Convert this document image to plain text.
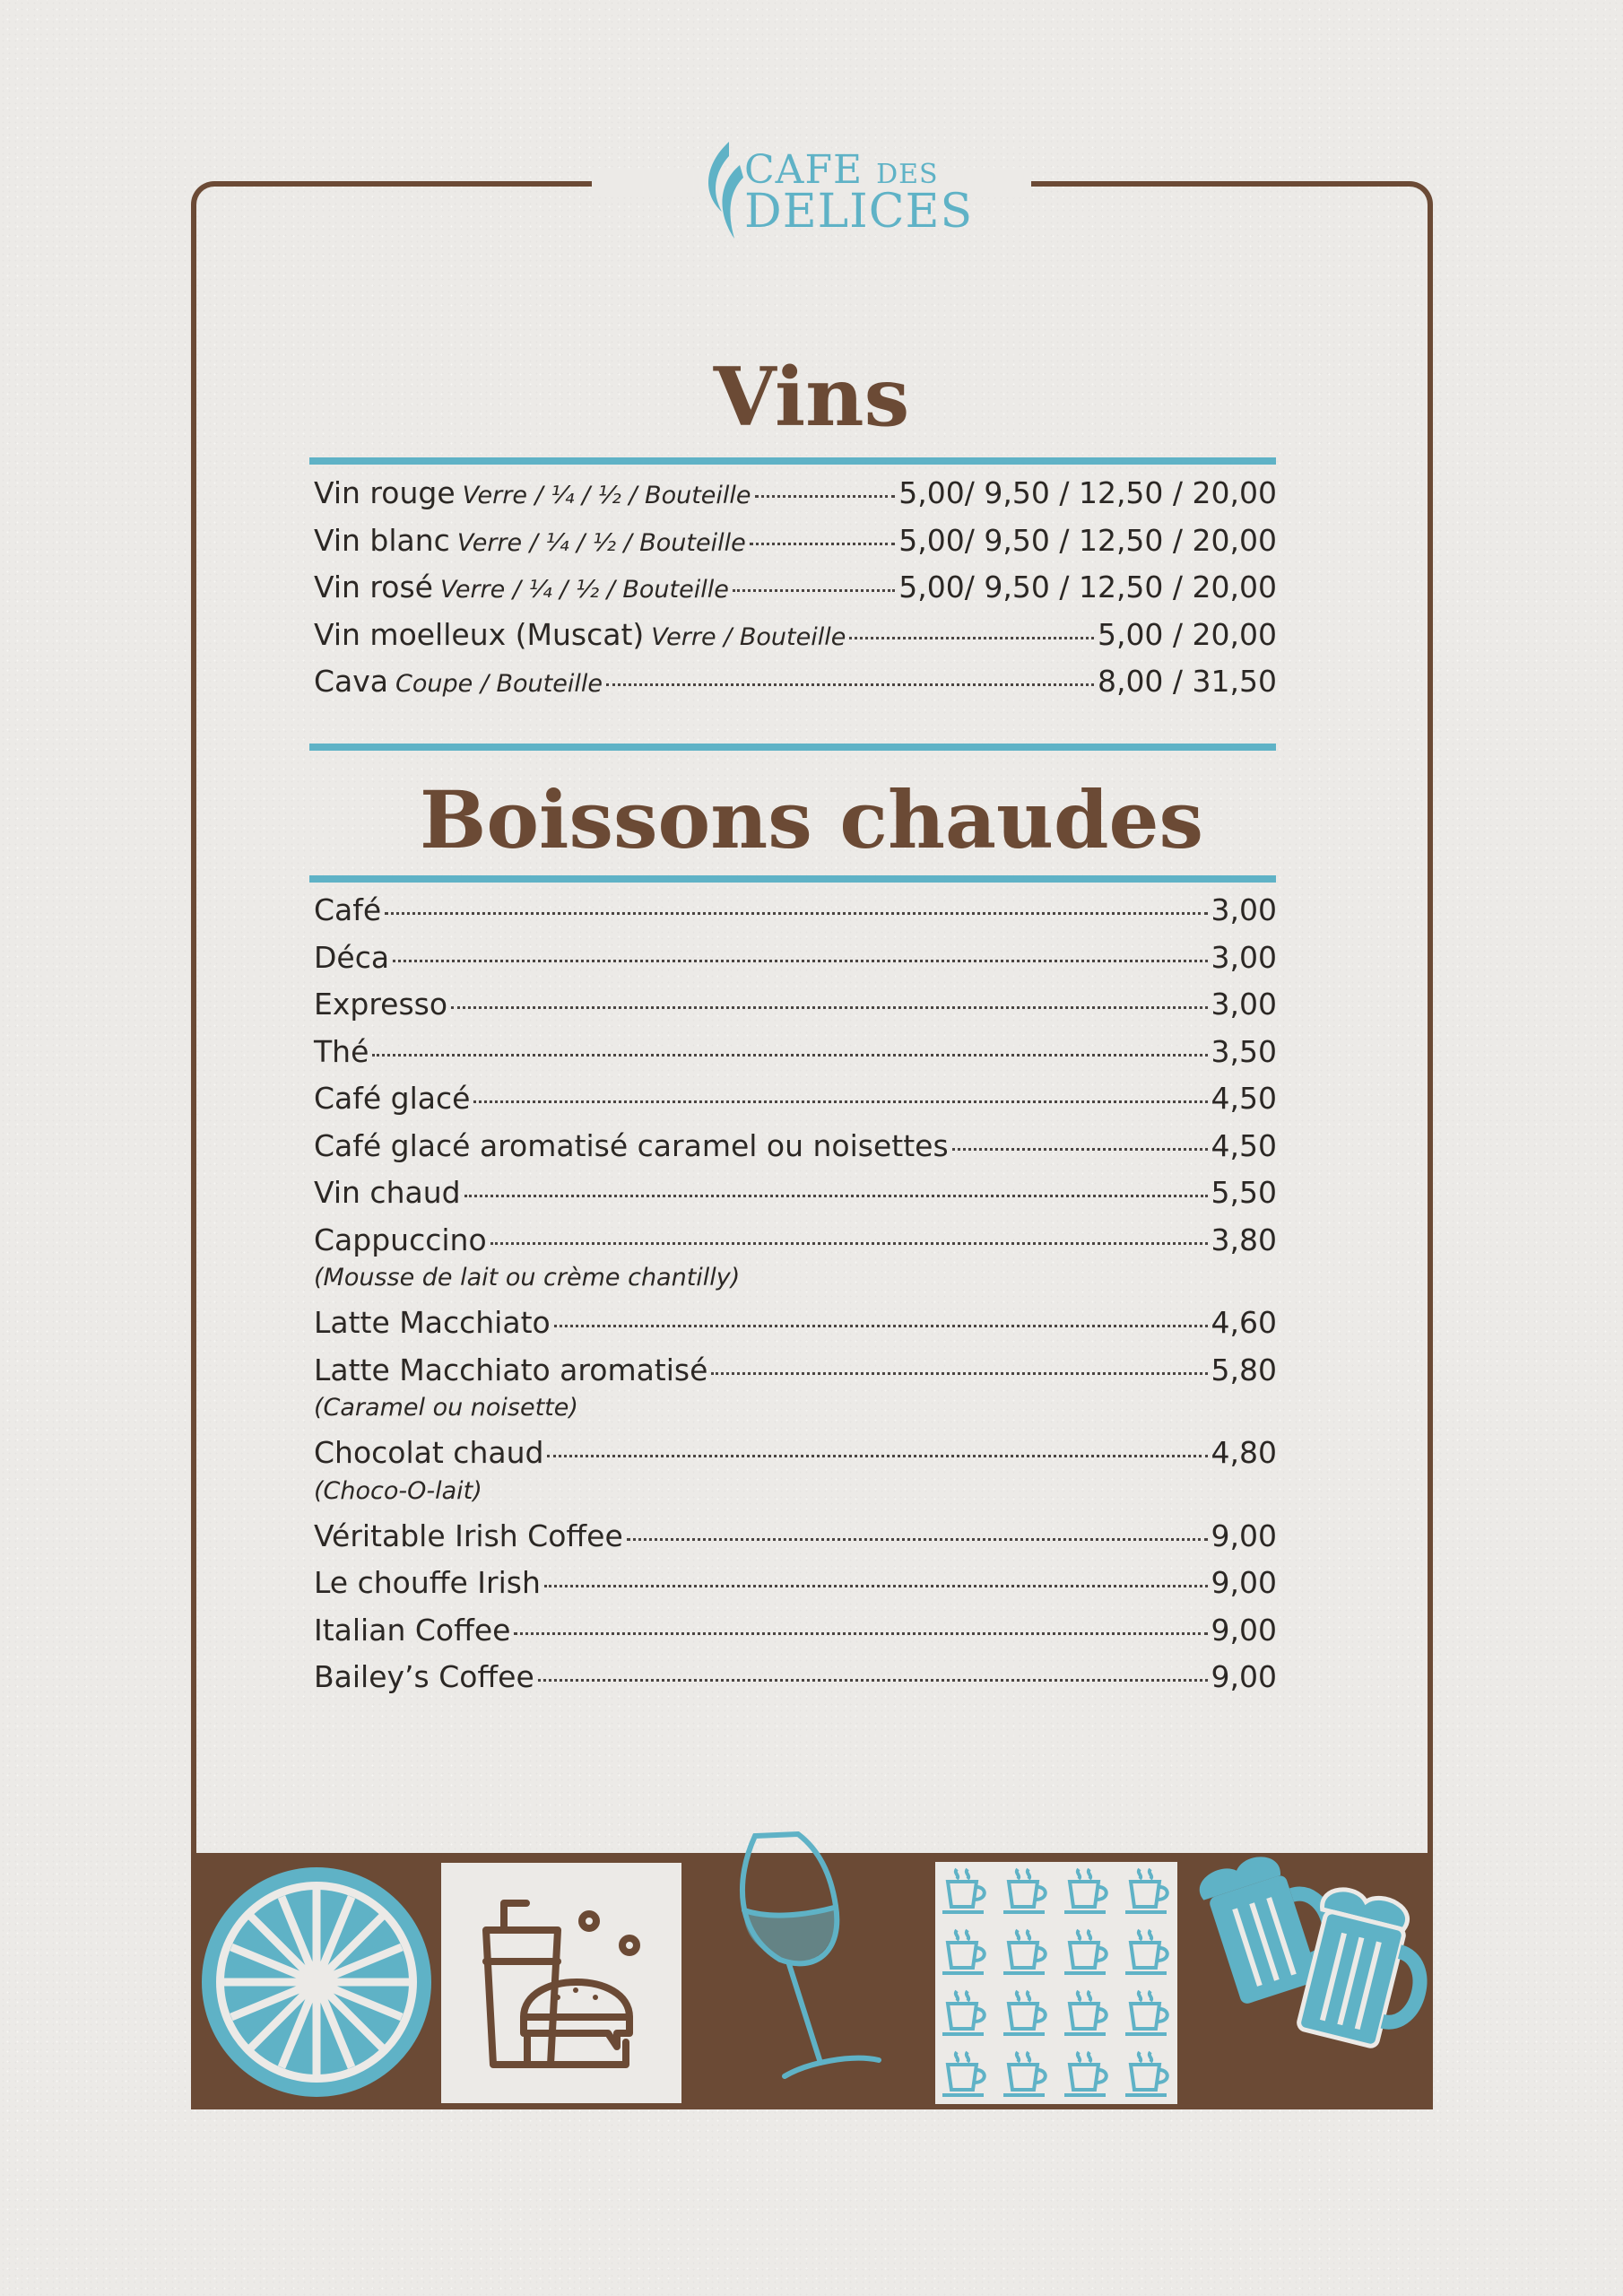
CAFE DES
DELICES
Vins
Vin rouge Verre / ¼ / ½ / Bouteille	5,00/ 9,50 / 12,50 / 20,00
Vin blanc Verre / ¼ / ½ / Bouteille	5,00/ 9,50 / 12,50 / 20,00
Vin rosé Verre / ¼ / ½ / Bouteille	5,00/ 9,50 / 12,50 / 20,00
Vin moelleux (Muscat) Verre / Bouteille	5,00 / 20,00
Cava Coupe / Bouteille	8,00 / 31,50
Boissons chaudes
Café	3,00
Déca	3,00
Expresso	3,00
Thé	3,50
Café glacé	4,50
Café glacé aromatisé caramel ou noisettes	4,50
Vin chaud	5,50
Cappuccino	3,80
(Mousse de lait ou crème chantilly)
Latte Macchiato	4,60
Latte Macchiato aromatisé	5,80
(Caramel ou noisette)
Chocolat chaud	4,80
(Choco-O-lait)
Véritable Irish Coffee	9,00
Le chouffe Irish	9,00
Italian Coffee	9,00
Bailey’s Coffee	9,00
